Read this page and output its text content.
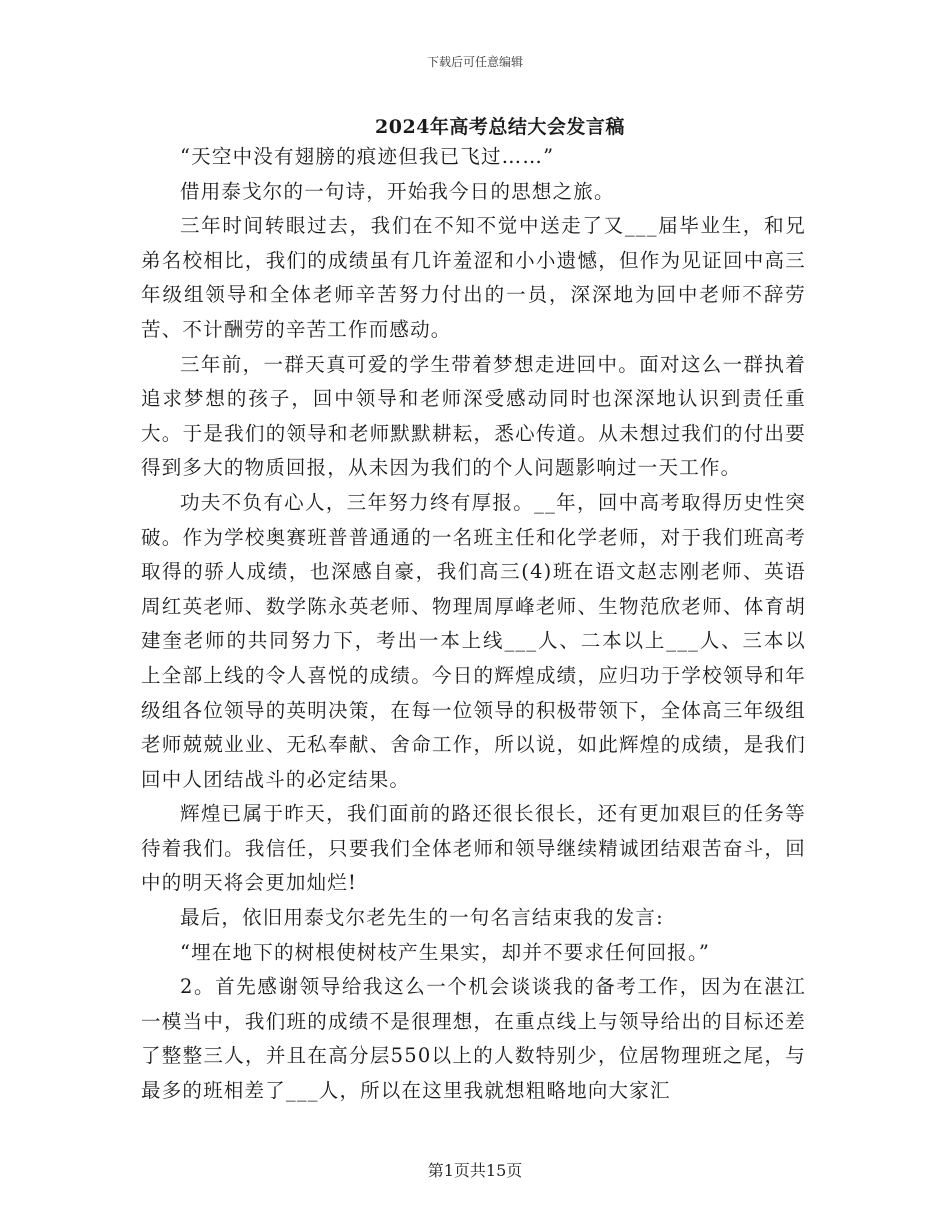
下载后可任意编辑
2024年高考总结大会发言稿

“天空中没有翅膀的痕迹但我已飞过……”

借用泰戈尔的一句诗，开始我今日的思想之旅。

三年时间转眼过去，我们在不知不觉中送走了又___届毕业生，和兄弟名校相比，我们的成绩虽有几许羞涩和小小遗憾，但作为见证回中高三年级组领导和全体老师辛苦努力付出的一员，深深地为回中老师不辞劳苦、不计酬劳的辛苦工作而感动。

三年前，一群天真可爱的学生带着梦想走进回中。面对这么一群执着追求梦想的孩子，回中领导和老师深受感动同时也深深地认识到责任重大。于是我们的领导和老师默默耕耘，悉心传道。从未想过我们的付出要得到多大的物质回报，从未因为我们的个人问题影响过一天工作。

功夫不负有心人，三年努力终有厚报。__年，回中高考取得历史性突破。作为学校奥赛班普普通通的一名班主任和化学老师，对于我们班高考取得的骄人成绩，也深感自豪，我们高三(4)班在语文赵志刚老师、英语周红英老师、数学陈永英老师、物理周厚峰老师、生物范欣老师、体育胡建奎老师的共同努力下，考出一本上线___人、二本以上___人、三本以上全部上线的令人喜悦的成绩。今日的辉煌成绩，应归功于学校领导和年级组各位领导的英明决策，在每一位领导的积极带领下，全体高三年级组老师兢兢业业、无私奉献、舍命工作，所以说，如此辉煌的成绩，是我们回中人团结战斗的必定结果。

辉煌已属于昨天，我们面前的路还很长很长，还有更加艰巨的任务等待着我们。我信任，只要我们全体老师和领导继续精诚团结艰苦奋斗，回中的明天将会更加灿烂!

最后，依旧用泰戈尔老先生的一句名言结束我的发言:

“埋在地下的树根使树枝产生果实，却并不要求任何回报。”

2。首先感谢领导给我这么一个机会谈谈我的备考工作，因为在湛江一模当中，我们班的成绩不是很理想，在重点线上与领导给出的目标还差了整整三人，并且在高分层550以上的人数特别少，位居物理班之尾，与最多的班相差了___人，所以在这里我就想粗略地向大家汇

第1页共15页
